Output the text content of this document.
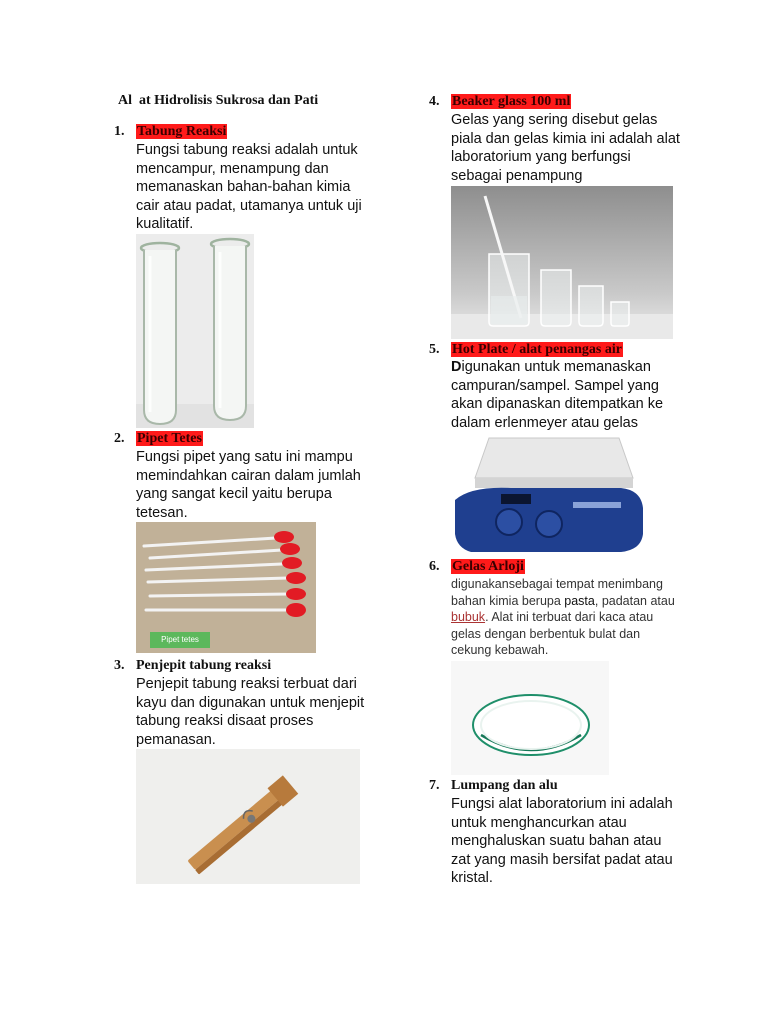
Al  at Hidrolisis Sukrosa dan Pati
1. Tabung Reaksi
Fungsi tabung reaksi adalah untuk mencampur, menampung dan memanaskan bahan-bahan kimia cair atau padat, utamanya untuk uji kualitatif.
2. Pipet Tetes
Fungsi pipet yang satu ini mampu memindahkan cairan dalam jumlah yang sangat kecil yaitu berupa tetesan.
Pipet tetes
3. Penjepit tabung reaksi
Penjepit tabung reaksi terbuat dari kayu dan digunakan untuk menjepit tabung reaksi disaat proses pemanasan.
4. Beaker glass 100 ml
Gelas yang sering disebut gelas piala dan gelas kimia ini adalah alat laboratorium yang berfungsi sebagai penampung
5. Hot Plate / alat penangas air
Digunakan untuk memanaskan campuran/sampel. Sampel yang akan dipanaskan ditempatkan ke dalam erlenmeyer atau gelas
6. Gelas Arloji
digunakansebagai tempat menimbang bahan kimia berupa pasta, padatan atau bubuk. Alat ini terbuat dari kaca atau gelas dengan berbentuk bulat dan cekung kebawah.
7. Lumpang dan alu
Fungsi alat laboratorium ini adalah untuk menghancurkan atau menghaluskan suatu bahan atau zat yang masih bersifat padat atau kristal.
